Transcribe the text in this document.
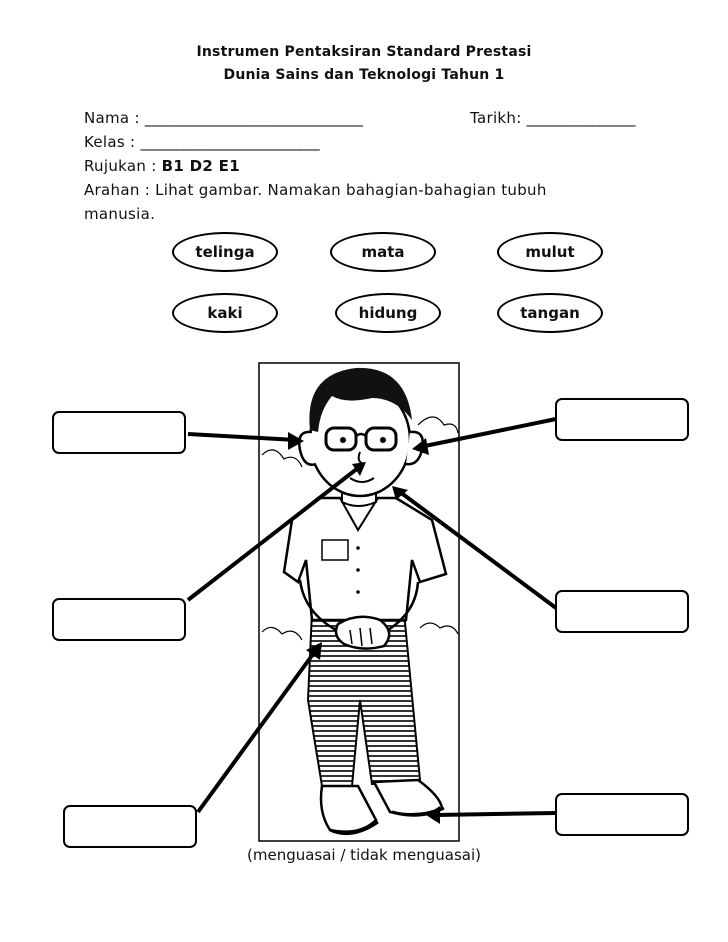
Instrumen Pentaksiran Standard Prestasi
Dunia Sains dan Teknologi Tahun 1
Nama : ____________________________	Tarikh: ______________
Kelas : _______________________
Rujukan : B1 D2 E1
Arahan : Lihat gambar. Namakan bahagian-bahagian tubuh
manusia.
telinga	mata	mulut
kaki	hidung	tangan
(menguasai / tidak menguasai)
